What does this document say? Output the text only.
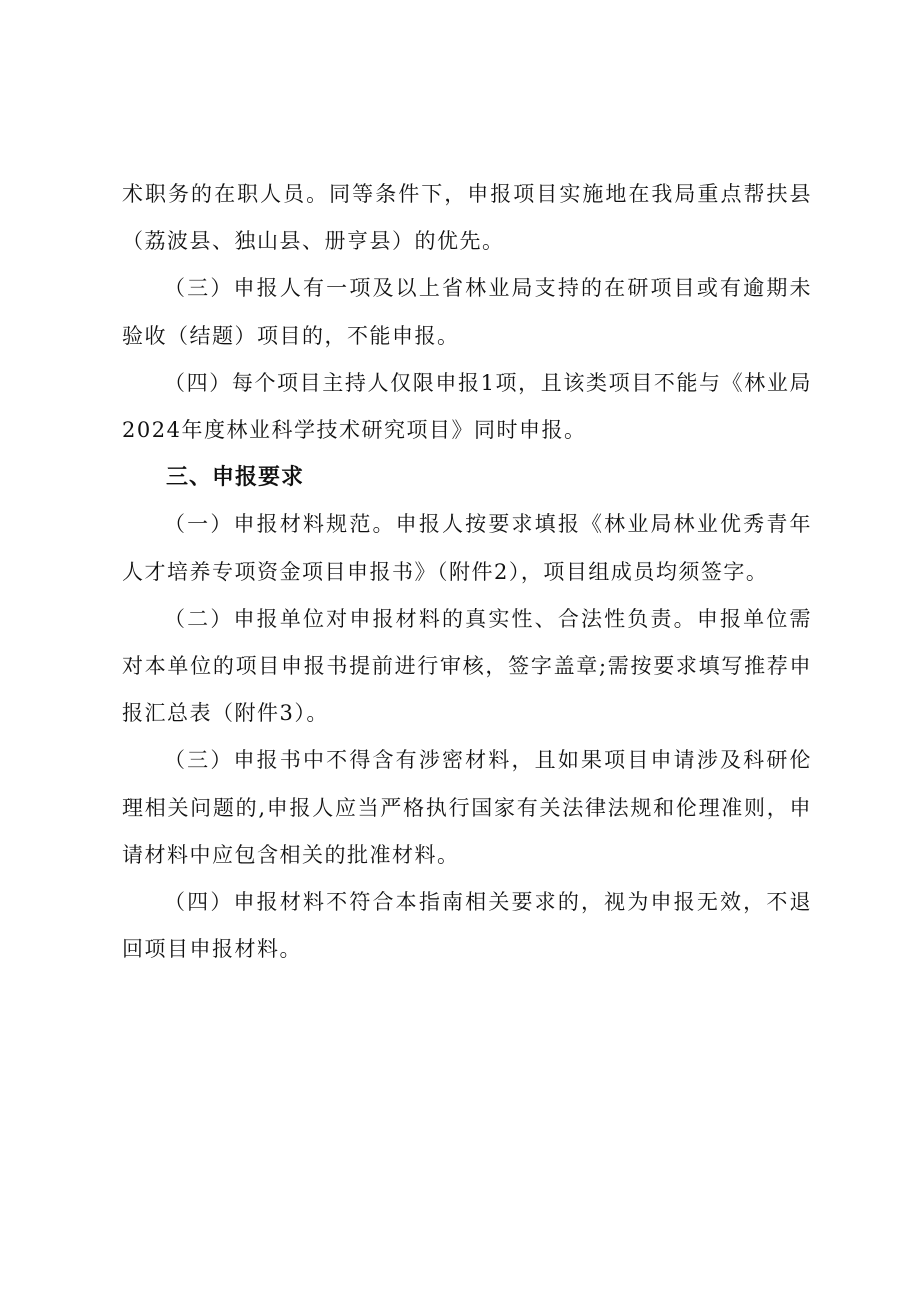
术职务的在职人员。同等条件下，申报项目实施地在我局重点帮扶县（荔波县、独山县、册亨县）的优先。

（三）申报人有一项及以上省林业局支持的在研项目或有逾期未验收（结题）项目的，不能申报。

（四）每个项目主持人仅限申报1项，且该类项目不能与《林业局2024年度林业科学技术研究项目》同时申报。

三、申报要求

（一）申报材料规范。申报人按要求填报《林业局林业优秀青年人才培养专项资金项目申报书》（附件2），项目组成员均须签字。

（二）申报单位对申报材料的真实性、合法性负责。申报单位需对本单位的项目申报书提前进行审核，签字盖章;需按要求填写推荐申报汇总表（附件3）。

（三）申报书中不得含有涉密材料，且如果项目申请涉及科研伦理相关问题的,申报人应当严格执行国家有关法律法规和伦理准则，申请材料中应包含相关的批准材料。

（四）申报材料不符合本指南相关要求的，视为申报无效，不退回项目申报材料。
